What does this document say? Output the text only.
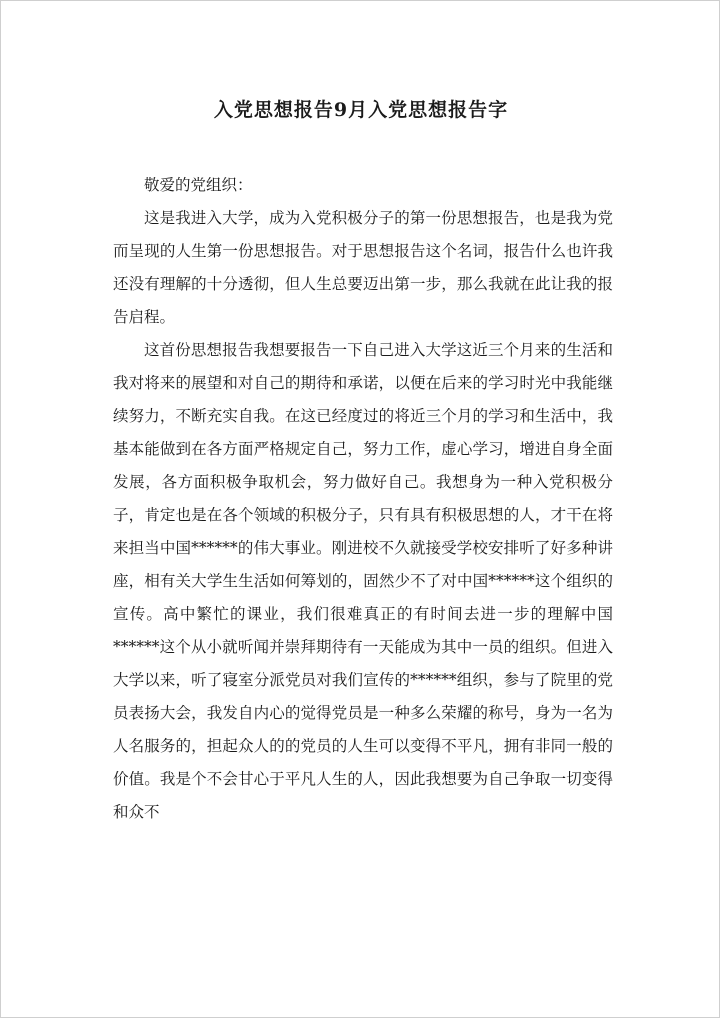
入党思想报告9月入党思想报告字

敬爱的党组织：

这是我进入大学，成为入党积极分子的第一份思想报告，也是我为党而呈现的人生第一份思想报告。对于思想报告这个名词，报告什么也许我还没有理解的十分透彻，但人生总要迈出第一步，那么我就在此让我的报告启程。

这首份思想报告我想要报告一下自己进入大学这近三个月来的生活和我对将来的展望和对自己的期待和承诺，以便在后来的学习时光中我能继续努力，不断充实自我。在这已经度过的将近三个月的学习和生活中，我基本能做到在各方面严格规定自己，努力工作，虚心学习，增进自身全面发展，各方面积极争取机会，努力做好自己。我想身为一种入党积极分子，肯定也是在各个领域的积极分子，只有具有积极思想的人，才干在将来担当中国******的伟大事业。刚进校不久就接受学校安排听了好多种讲座，相有关大学生生活如何筹划的，固然少不了对中国******这个组织的宣传。高中繁忙的课业，我们很难真正的有时间去进一步的理解中国******这个从小就听闻并崇拜期待有一天能成为其中一员的组织。但进入大学以来，听了寝室分派党员对我们宣传的******组织，参与了院里的党员表扬大会，我发自内心的觉得党员是一种多么荣耀的称号，身为一名为人名服务的，担起众人的的党员的人生可以变得不平凡，拥有非同一般的价值。我是个不会甘心于平凡人生的人，因此我想要为自己争取一切变得和众不
